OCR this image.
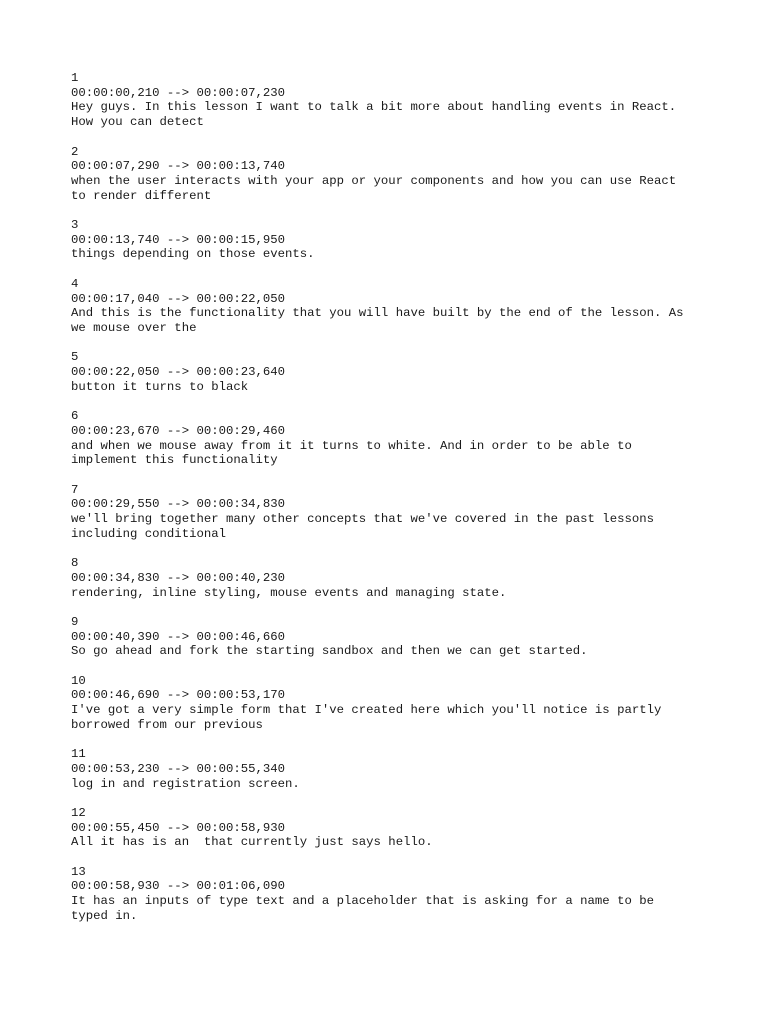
1
00:00:00,210 --> 00:00:07,230
Hey guys. In this lesson I want to talk a bit more about handling events in React.
How you can detect
2
00:00:07,290 --> 00:00:13,740
when the user interacts with your app or your components and how you can use React
to render different
3
00:00:13,740 --> 00:00:15,950
things depending on those events.
4
00:00:17,040 --> 00:00:22,050
And this is the functionality that you will have built by the end of the lesson. As
we mouse over the
5
00:00:22,050 --> 00:00:23,640
button it turns to black
6
00:00:23,670 --> 00:00:29,460
and when we mouse away from it it turns to white. And in order to be able to
implement this functionality
7
00:00:29,550 --> 00:00:34,830
we'll bring together many other concepts that we've covered in the past lessons
including conditional
8
00:00:34,830 --> 00:00:40,230
rendering, inline styling, mouse events and managing state.
9
00:00:40,390 --> 00:00:46,660
So go ahead and fork the starting sandbox and then we can get started.
10
00:00:46,690 --> 00:00:53,170
I've got a very simple form that I've created here which you'll notice is partly
borrowed from our previous
11
00:00:53,230 --> 00:00:55,340
log in and registration screen.
12
00:00:55,450 --> 00:00:58,930
All it has is an  that currently just says hello.
13
00:00:58,930 --> 00:01:06,090
It has an inputs of type text and a placeholder that is asking for a name to be
typed in.
